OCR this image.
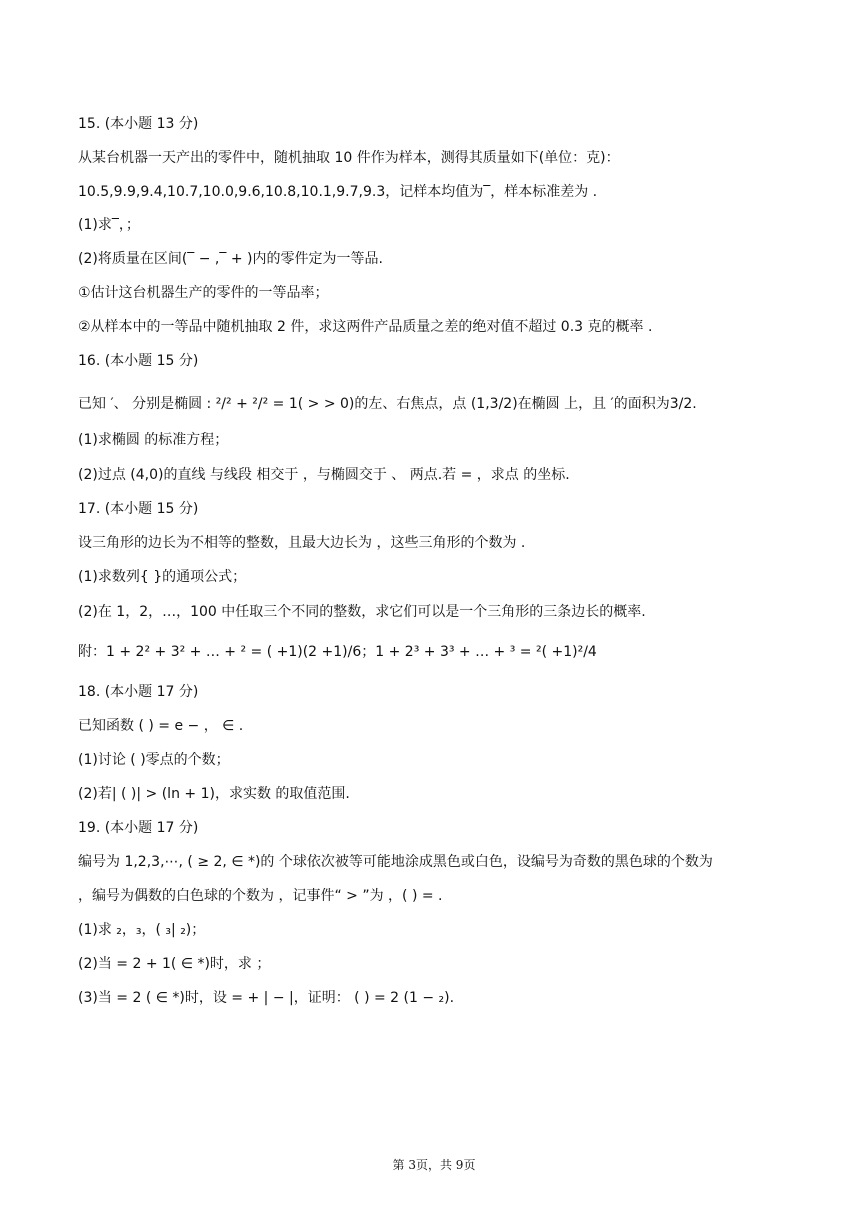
15. (本小题 13 分)
从某台机器一天产出的零件中，随机抽取 10 件作为样本，测得其质量如下(单位：克)：
10.5,9.9,9.4,10.7,10.0,9.6,10.8,10.1,9.7,9.3，记样本均值为‾，样本标准差为 .
(1)求‾，；
(2)将质量在区间(‾ − ,‾ + )内的零件定为一等品.
①估计这台机器生产的零件的一等品率；
②从样本中的一等品中随机抽取 2 件，求这两件产品质量之差的绝对值不超过 0.3 克的概率 .
16. (本小题 15 分)
已知 ′、 分别是椭圆 : ²/² + ²/² = 1( > > 0)的左、右焦点，点 (1,3/2)在椭圆 上，且 ′的面积为3/2.
(1)求椭圆 的标准方程；
(2)过点 (4,0)的直线 与线段 相交于 ，与椭圆交于 、 两点.若 = ，求点 的坐标.
17. (本小题 15 分)
设三角形的边长为不相等的整数，且最大边长为 ，这些三角形的个数为 .
(1)求数列{ }的通项公式；
(2)在 1，2，…，100 中任取三个不同的整数，求它们可以是一个三角形的三条边长的概率.
附：1 + 2² + 3² + … + ² = ( +1)(2 +1)/6；1 + 2³ + 3³ + … + ³ = ²( +1)²/4
18. (本小题 17 分)
已知函数 ( ) = e − ， ∈ .
(1)讨论 ( )零点的个数；
(2)若| ( )| > (ln + 1)，求实数 的取值范围.
19. (本小题 17 分)
编号为 1,2,3,⋯, ( ≥ 2, ∈ *)的 个球依次被等可能地涂成黑色或白色，设编号为奇数的黑色球的个数为
，编号为偶数的白色球的个数为 ，记事件“ > ”为 ，( ) = .
(1)求 ₂，₃，( ₃| ₂)；
(2)当 = 2 + 1( ∈ *)时，求 ；
(3)当 = 2 ( ∈ *)时，设 = + | − |，证明： ( ) = 2 (1 − ₂).
第 3页，共 9页
